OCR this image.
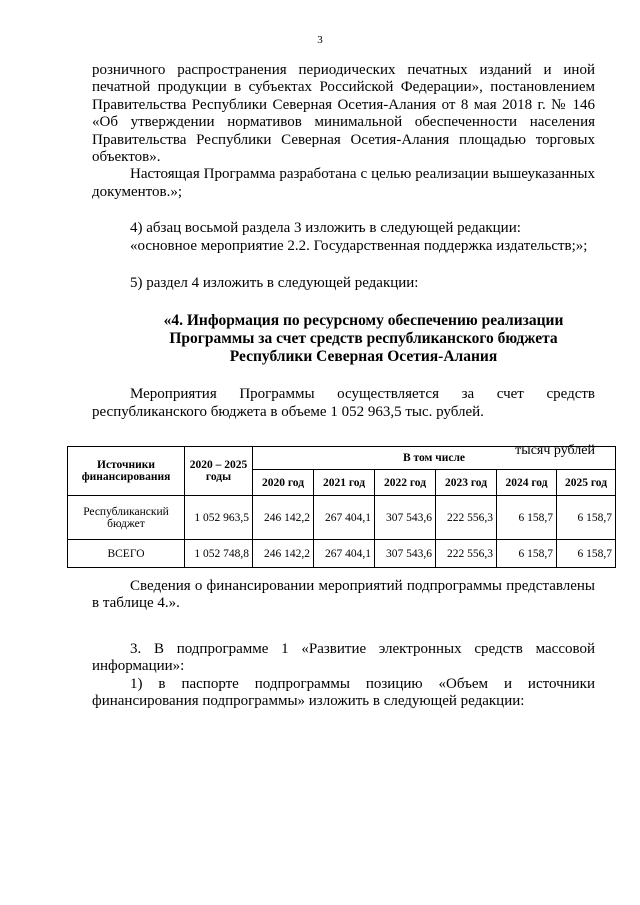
3

розничного распространения периодических печатных изданий и иной печатной продукции в субъектах Российской Федерации», постановлением Правительства Республики Северная Осетия-Алания от 8 мая 2018 г. № 146 «Об утверждении нормативов минимальной обеспеченности населения Правительства Республики Северная Осетия-Алания площадью торговых объектов».

Настоящая Программа разработана с целью реализации вышеуказанных документов.»;

4) абзац восьмой раздела 3 изложить в следующей редакции:

«основное мероприятие 2.2. Государственная поддержка издательств;»;

5) раздел 4 изложить в следующей редакции:

«4. Информация по ресурсному обеспечению реализации Программы за счет средств республиканского бюджета Республики Северная Осетия-Алания

Мероприятия Программы осуществляется за счет средств республиканского бюджета в объеме 1 052 963,5 тыс. рублей.

тысяч рублей

Источники финансирования	2020 – 2025 годы	В том числе					
		2020 год	2021 год	2022 год	2023 год	2024 год	2025 год
Республиканский бюджет	1 052 963,5	246 142,2	267 404,1	307 543,6	222 556,3	6 158,7	6 158,7
ВСЕГО	1 052 748,8	246 142,2	267 404,1	307 543,6	222 556,3	6 158,7	6 158,7

Сведения о финансировании мероприятий подпрограммы представлены в таблице 4.».

3. В подпрограмме 1 «Развитие электронных средств массовой информации»:

1) в паспорте подпрограммы позицию «Объем и источники финансирования подпрограммы» изложить в следующей редакции:
